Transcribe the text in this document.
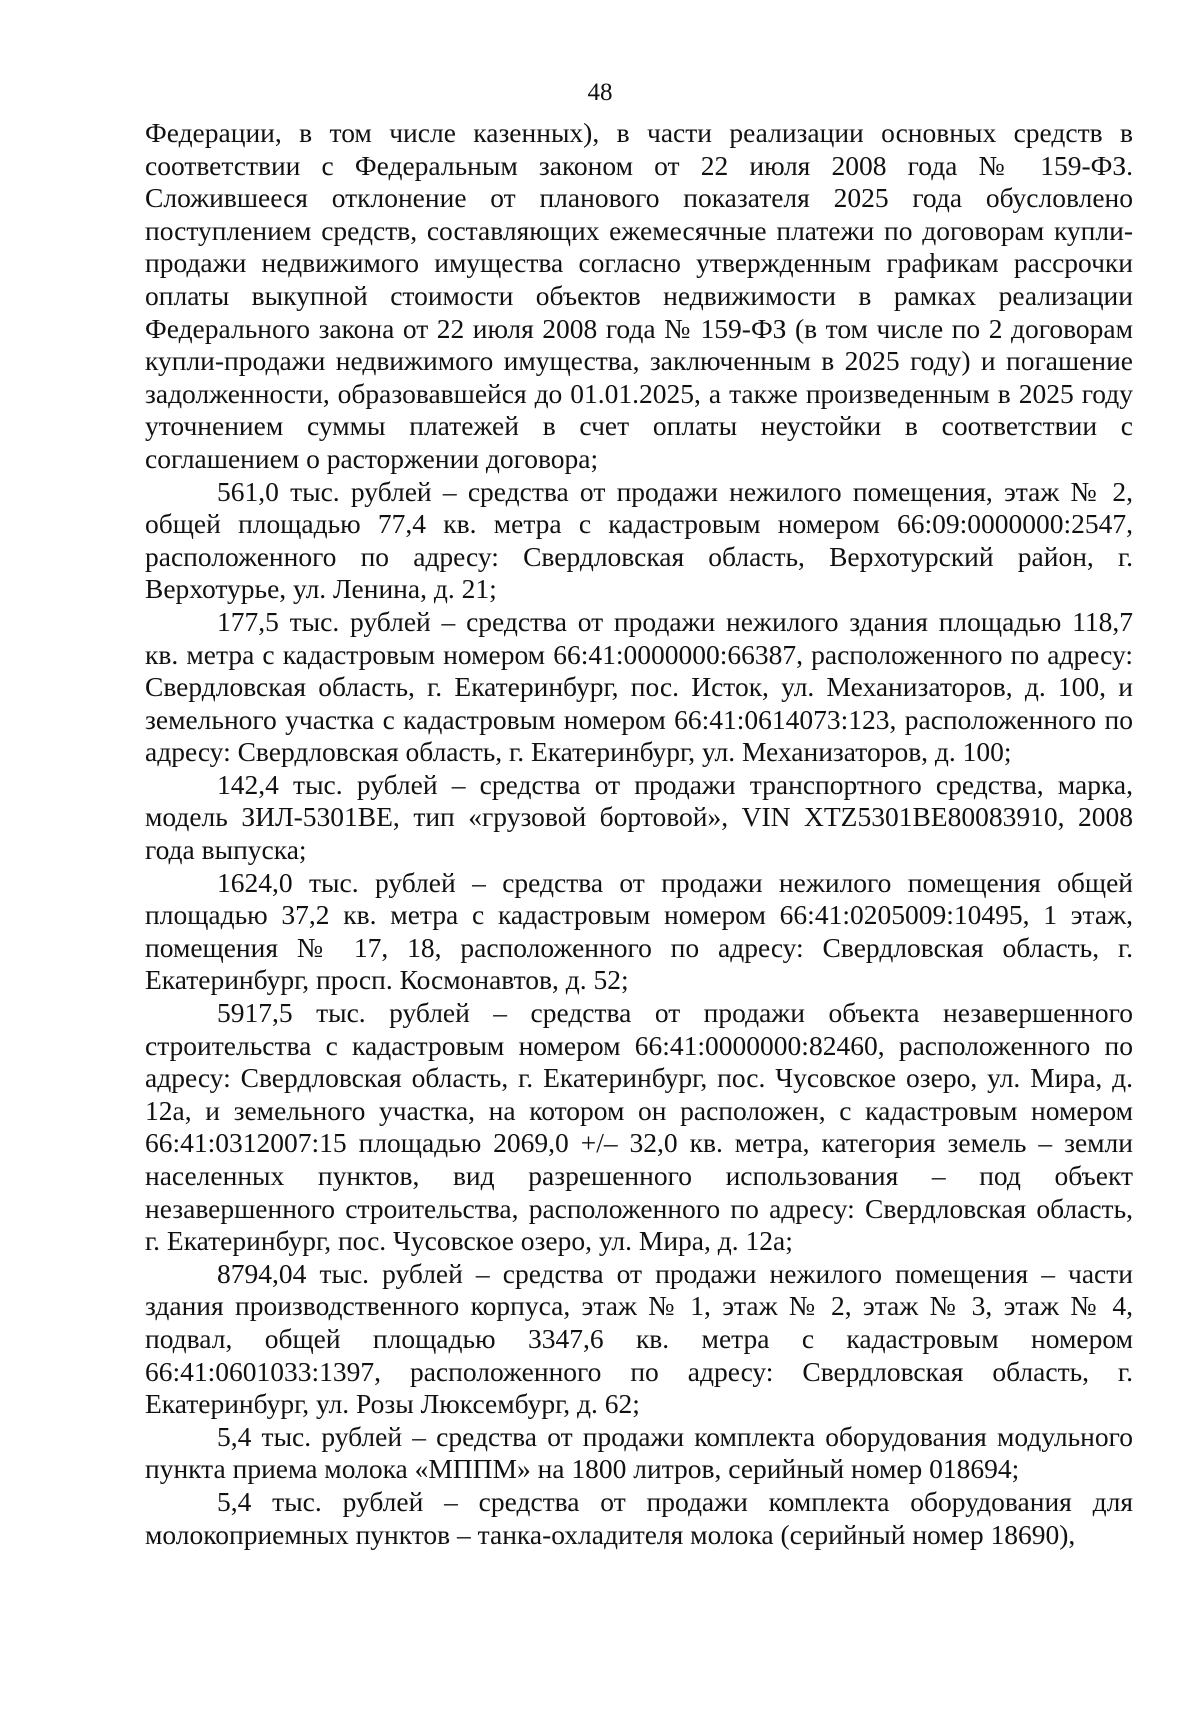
48

Федерации, в том числе казенных), в части реализации основных средств в соответствии с Федеральным законом от 22 июля 2008 года № 159-ФЗ. Сложившееся отклонение от планового показателя 2025 года обусловлено поступлением средств, составляющих ежемесячные платежи по договорам купли-продажи недвижимого имущества согласно утвержденным графикам рассрочки оплаты выкупной стоимости объектов недвижимости в рамках реализации Федерального закона от 22 июля 2008 года № 159-ФЗ (в том числе по 2 договорам купли-продажи недвижимого имущества, заключенным в 2025 году) и погашение задолженности, образовавшейся до 01.01.2025, а также произведенным в 2025 году уточнением суммы платежей в счет оплаты неустойки в соответствии с соглашением о расторжении договора;

561,0 тыс. рублей – средства от продажи нежилого помещения, этаж № 2, общей площадью 77,4 кв. метра с кадастровым номером 66:09:0000000:2547, расположенного по адресу: Свердловская область, Верхотурский район, г. Верхотурье, ул. Ленина, д. 21;

177,5 тыс. рублей – средства от продажи нежилого здания площадью 118,7 кв. метра с кадастровым номером 66:41:0000000:66387, расположенного по адресу: Свердловская область, г. Екатеринбург, пос. Исток, ул. Механизаторов, д. 100, и земельного участка с кадастровым номером 66:41:0614073:123, расположенного по адресу: Свердловская область, г. Екатеринбург, ул. Механизаторов, д. 100;

142,4 тыс. рублей – средства от продажи транспортного средства, марка, модель ЗИЛ-5301ВЕ, тип «грузовой бортовой», VIN XTZ5301BE80083910, 2008 года выпуска;

1624,0 тыс. рублей – средства от продажи нежилого помещения общей площадью 37,2 кв. метра с кадастровым номером 66:41:0205009:10495, 1 этаж, помещения № 17, 18, расположенного по адресу: Свердловская область, г. Екатеринбург, просп. Космонавтов, д. 52;

5917,5 тыс. рублей – средства от продажи объекта незавершенного строительства с кадастровым номером 66:41:0000000:82460, расположенного по адресу: Свердловская область, г. Екатеринбург, пос. Чусовское озеро, ул. Мира, д. 12а, и земельного участка, на котором он расположен, с кадастровым номером 66:41:0312007:15 площадью 2069,0 +/– 32,0 кв. метра, категория земель – земли населенных пунктов, вид разрешенного использования – под объект незавершенного строительства, расположенного по адресу: Свердловская область, г. Екатеринбург, пос. Чусовское озеро, ул. Мира, д. 12а;

8794,04 тыс. рублей – средства от продажи нежилого помещения – части здания производственного корпуса, этаж № 1, этаж № 2, этаж № 3, этаж № 4, подвал, общей площадью 3347,6 кв. метра с кадастровым номером 66:41:0601033:1397, расположенного по адресу: Свердловская область, г. Екатеринбург, ул. Розы Люксембург, д. 62;

5,4 тыс. рублей – средства от продажи комплекта оборудования модульного пункта приема молока «МППМ» на 1800 литров, серийный номер 018694;

5,4 тыс. рублей – средства от продажи комплекта оборудования для молокоприемных пунктов – танка-охладителя молока (серийный номер 18690),
